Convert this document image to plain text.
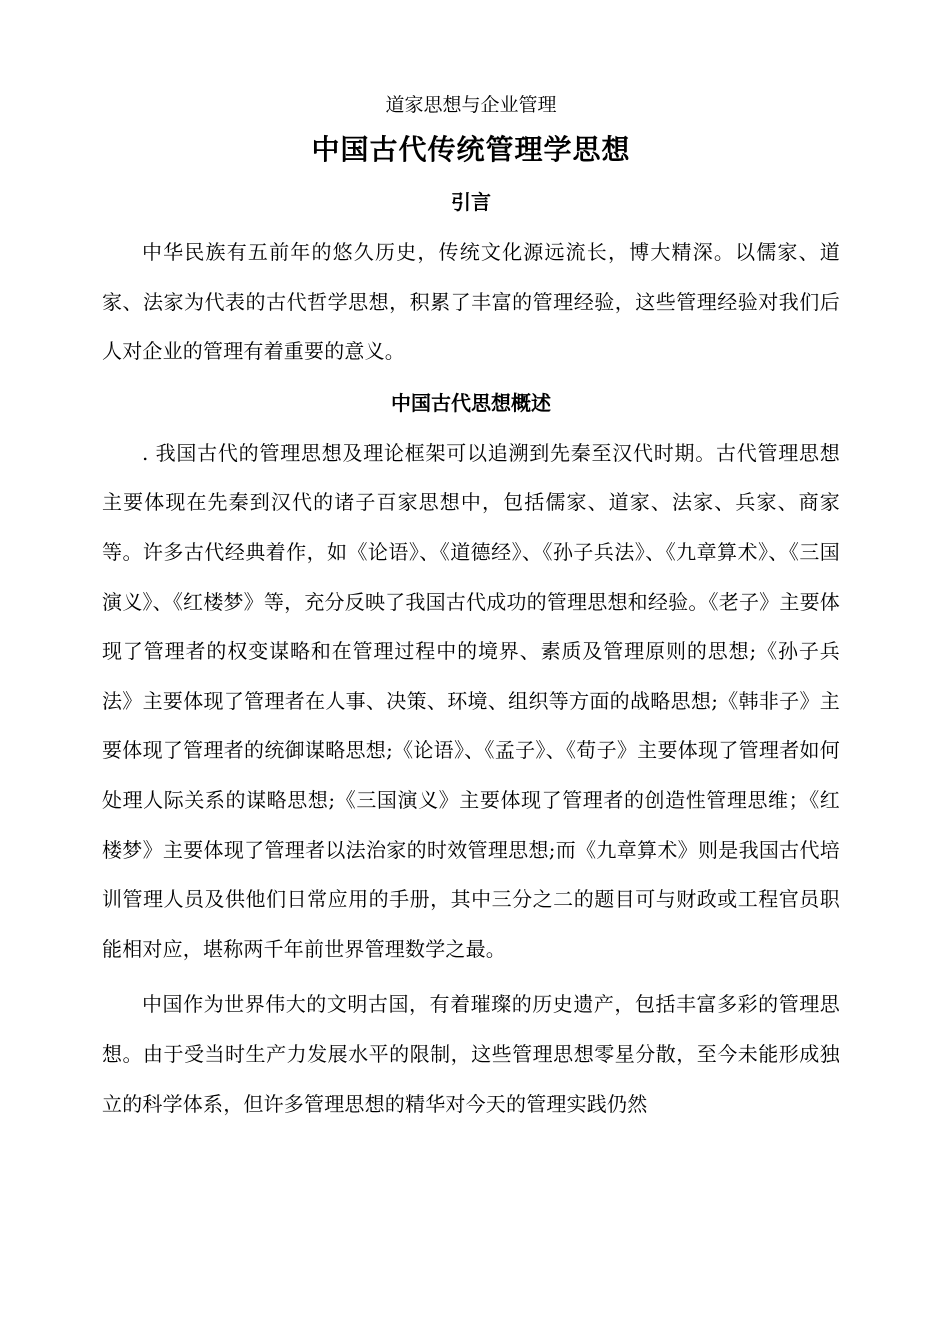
道家思想与企业管理

中国古代传统管理学思想
引言

中华民族有五前年的悠久历史，传统文化源远流长，博大精深。以儒家、道家、法家为代表的古代哲学思想，积累了丰富的管理经验，这些管理经验对我们后人对企业的管理有着重要的意义。

中国古代思想概述

. 我国古代的管理思想及理论框架可以追溯到先秦至汉代时期。古代管理思想主要体现在先秦到汉代的诸子百家思想中，包括儒家、道家、法家、兵家、商家等。许多古代经典着作，如《论语》、《道德经》、《孙子兵法》、《九章算术》、《三国演义》、《红楼梦》等，充分反映了我国古代成功的管理思想和经验。《老子》主要体现了管理者的权变谋略和在管理过程中的境界、素质及管理原则的思想;《孙子兵法》主要体现了管理者在人事、决策、环境、组织等方面的战略思想;《韩非子》主要体现了管理者的统御谋略思想;《论语》、《孟子》、《荀子》主要体现了管理者如何处理人际关系的谋略思想;《三国演义》主要体现了管理者的创造性管理思维；《红楼梦》主要体现了管理者以法治家的时效管理思想;而《九章算术》则是我国古代培训管理人员及供他们日常应用的手册，其中三分之二的题目可与财政或工程官员职能相对应，堪称两千年前世界管理数学之最。

中国作为世界伟大的文明古国，有着璀璨的历史遗产，包括丰富多彩的管理思想。由于受当时生产力发展水平的限制，这些管理思想零星分散，至今未能形成独立的科学体系，但许多管理思想的精华对今天的管理实践仍然
